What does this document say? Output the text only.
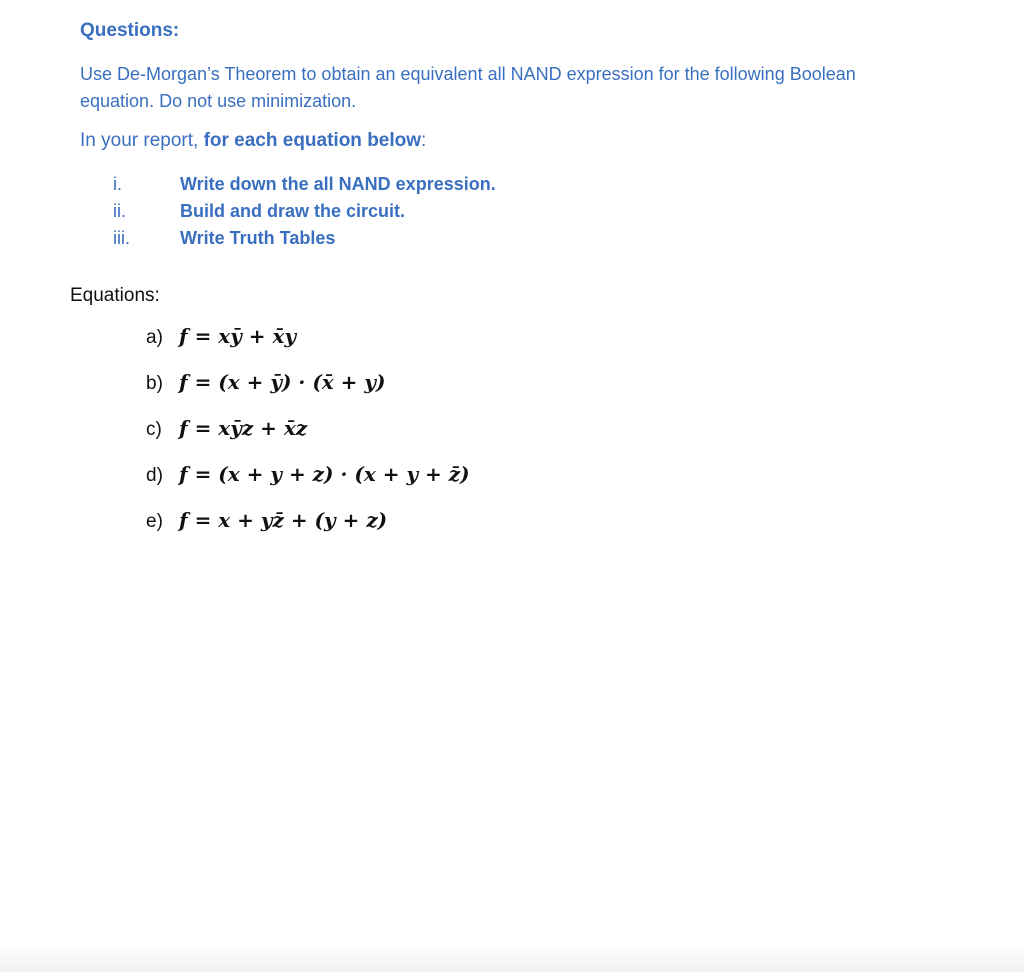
Questions:
Use De-Morgan’s Theorem to obtain an equivalent all NAND expression for the following Boolean equation. Do not use minimization.
In your report, for each equation below:
i.	Write down the all NAND expression.
ii.	Build and draw the circuit.
iii.	Write Truth Tables
Equations:
a) f = xȳ + x̄y
b) f = (x + ȳ) · (x̄ + y)
c) f = xȳz + x̄z
d) f = (x + y + z) · (x + y + z̄)
e) f = x + yz̄ + (y + z)
